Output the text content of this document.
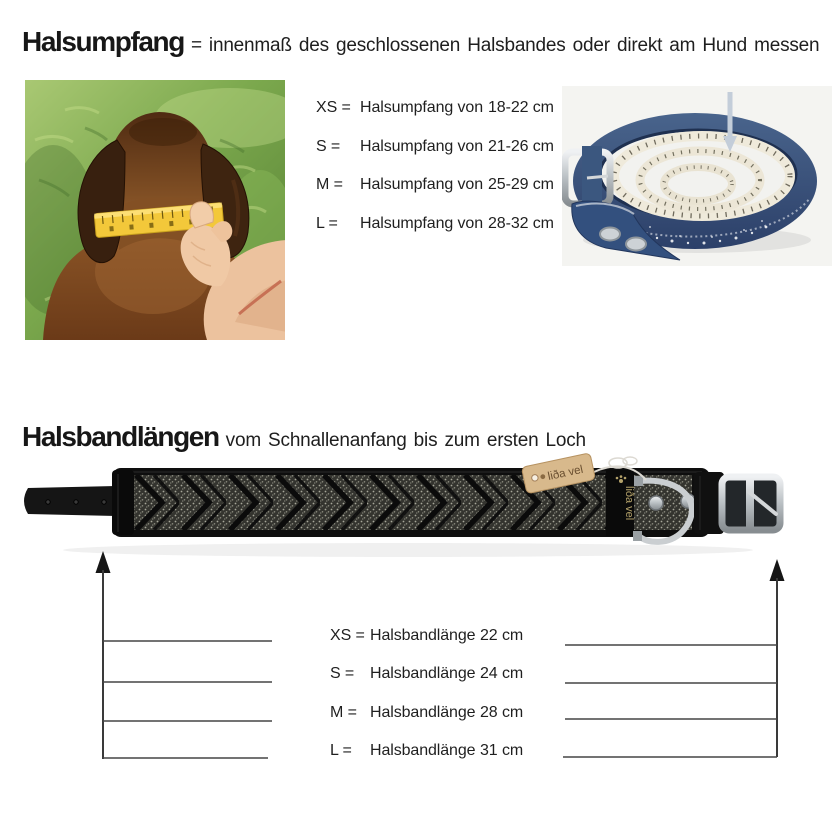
Halsumpfang = innenmaß des geschlossenen Halsbandes oder direkt am Hund messen
XS = Halsumpfang von 18-22 cm
S =	Halsumpfang von 21-26 cm
M =	Halsumpfang von 25-29 cm
L =	Halsumpfang von 28-32 cm
Halsbandlängen vom Schnallenanfang bis zum ersten Loch
liða vel
liða vel
XS = Halsbandlänge 22 cm
S = Halsbandlänge 24 cm
M = Halsbandlänge 28 cm
L =	Halsbandlänge 31 cm
